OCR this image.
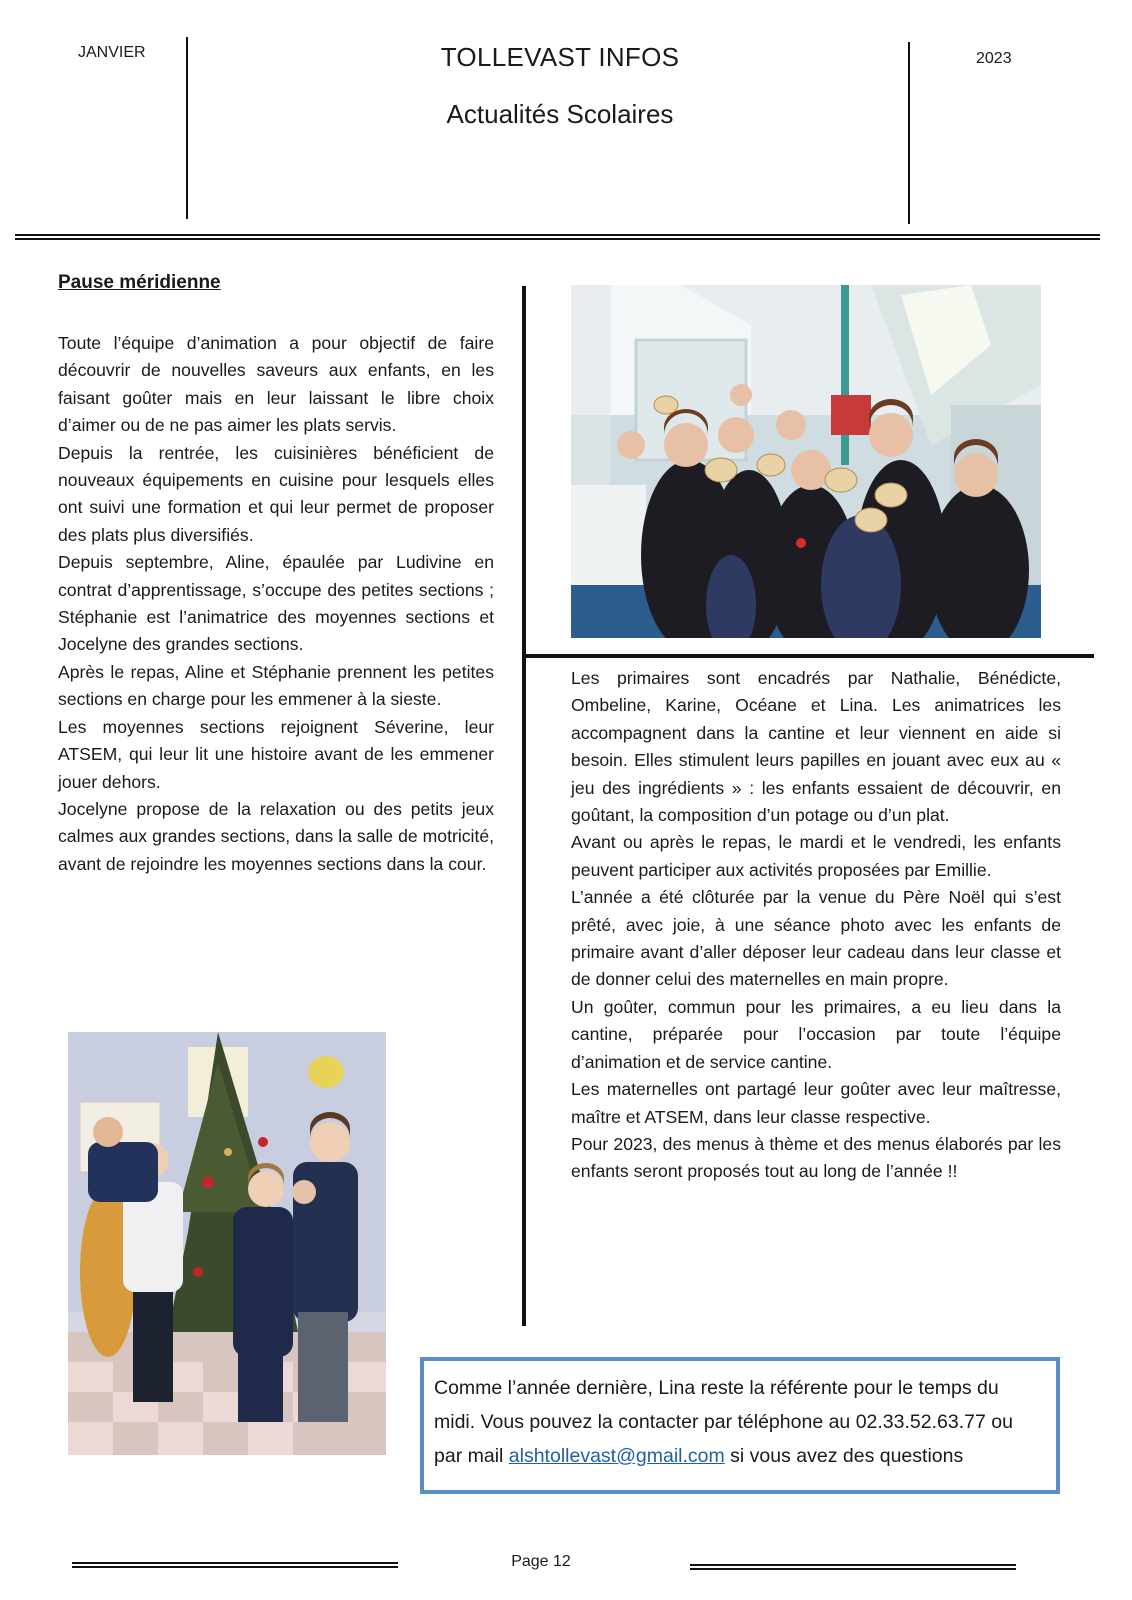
JANVIER	TOLLEVAST INFOS
Actualités Scolaires
2023
Pause méridienne

Toute l’équipe d’animation a pour objectif de faire découvrir de nouvelles saveurs aux enfants, en les faisant goûter mais en leur laissant le libre choix d’aimer ou de ne pas aimer les plats servis.

Depuis la rentrée, les cuisinières bénéficient de nouveaux équipements en cuisine pour lesquels elles ont suivi une formation et qui leur permet de proposer des plats plus diversifiés.

Depuis septembre, Aline, épaulée par Ludivine en contrat d’apprentissage, s’occupe des petites sections ; Stéphanie est l’animatrice des moyennes sections et Jocelyne des grandes sections.

Après le repas, Aline et Stéphanie prennent les petites sections en charge pour les emmener à la sieste.

Les moyennes sections rejoignent Séverine, leur ATSEM, qui leur lit une histoire avant de les emmener jouer dehors.

Jocelyne propose de la relaxation ou des petits jeux calmes aux grandes sections, dans la salle de motricité, avant de rejoindre les moyennes sections dans la cour.

Les primaires sont encadrés par Nathalie, Bénédicte, Ombeline, Karine, Océane et Lina. Les animatrices les accompagnent dans la cantine et leur viennent en aide si besoin. Elles stimulent leurs papilles en jouant avec eux au « jeu des ingrédients » : les enfants essaient de découvrir, en goûtant, la composition d’un potage ou d’un plat.

Avant ou après le repas, le mardi et le vendredi, les enfants peuvent participer aux activités proposées par Emillie.

L’année a été clôturée par la venue du Père Noël qui s’est prêté, avec joie, à une séance photo avec les enfants de primaire avant d’aller déposer leur cadeau dans leur classe et de donner celui des maternelles en main propre.

Un goûter, commun pour les primaires, a eu lieu dans la cantine, préparée pour l’occasion par toute l’équipe d’animation et de service cantine.

Les maternelles ont partagé leur goûter avec leur maîtresse, maître et ATSEM, dans leur classe respective.

Pour 2023, des menus à thème et des menus élaborés par les enfants seront proposés tout au long de l’année !!

Comme l’année dernière, Lina reste la référente pour le temps du midi. Vous pouvez la contacter par téléphone au 02.33.52.63.77 ou par mail alshtollevast@gmail.com si vous avez des questions
Page 12
